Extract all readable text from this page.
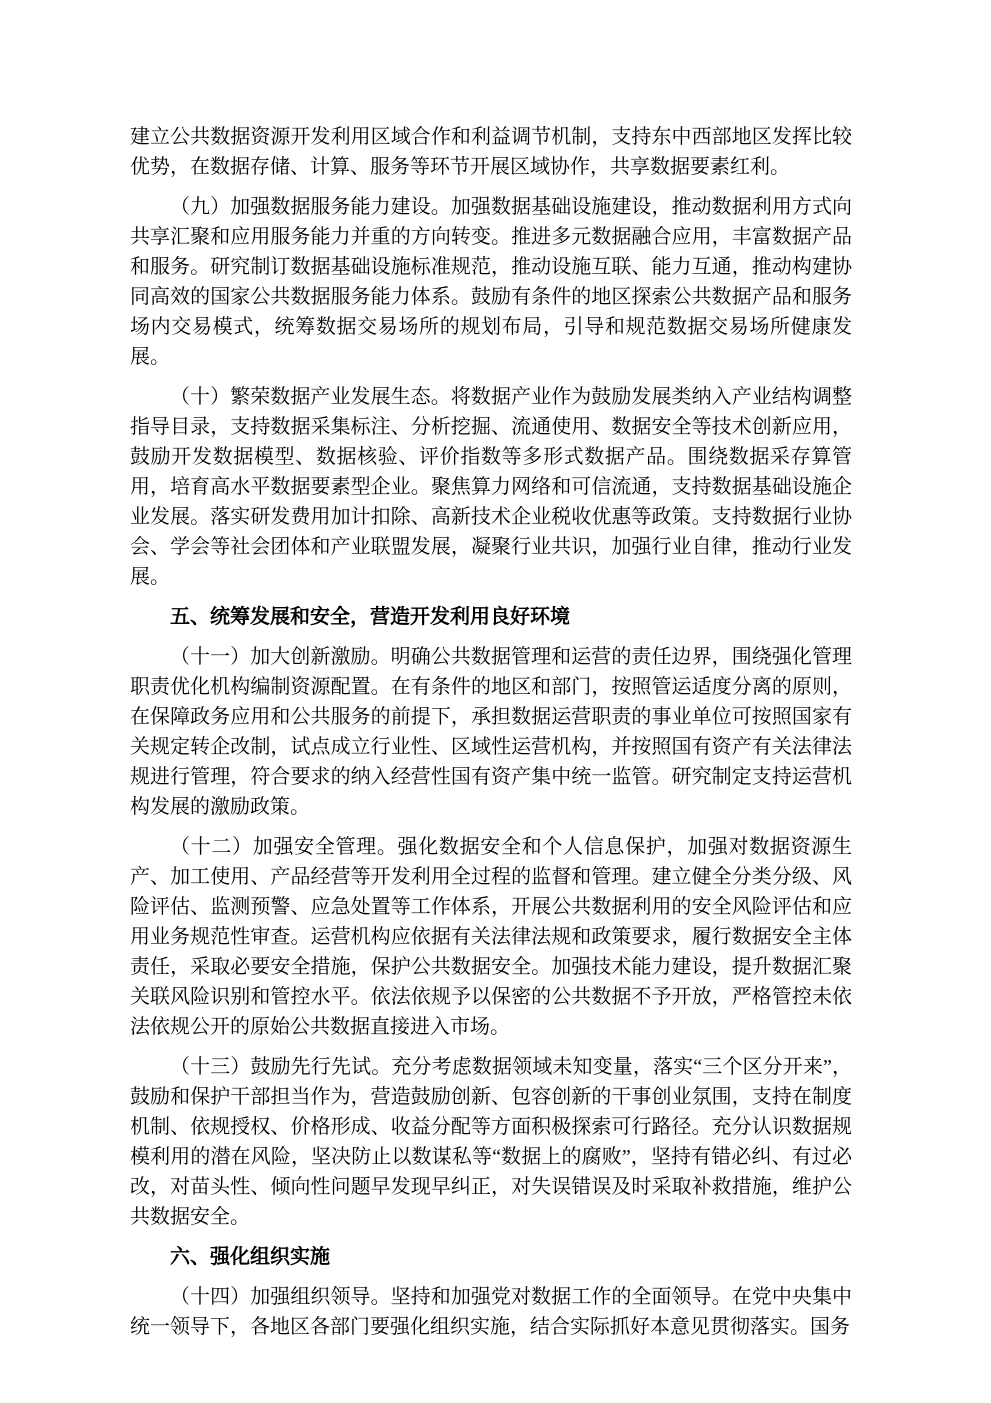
建立公共数据资源开发利用区域合作和利益调节机制，支持东中西部地区发挥比较优势，在数据存储、计算、服务等环节开展区域协作，共享数据要素红利。

（九）加强数据服务能力建设。加强数据基础设施建设，推动数据利用方式向共享汇聚和应用服务能力并重的方向转变。推进多元数据融合应用，丰富数据产品和服务。研究制订数据基础设施标准规范，推动设施互联、能力互通，推动构建协同高效的国家公共数据服务能力体系。鼓励有条件的地区探索公共数据产品和服务场内交易模式，统筹数据交易场所的规划布局，引导和规范数据交易场所健康发展。

（十）繁荣数据产业发展生态。将数据产业作为鼓励发展类纳入产业结构调整指导目录，支持数据采集标注、分析挖掘、流通使用、数据安全等技术创新应用，鼓励开发数据模型、数据核验、评价指数等多形式数据产品。围绕数据采存算管用，培育高水平数据要素型企业。聚焦算力网络和可信流通，支持数据基础设施企业发展。落实研发费用加计扣除、高新技术企业税收优惠等政策。支持数据行业协会、学会等社会团体和产业联盟发展，凝聚行业共识，加强行业自律，推动行业发展。

五、统筹发展和安全，营造开发利用良好环境

（十一）加大创新激励。明确公共数据管理和运营的责任边界，围绕强化管理职责优化机构编制资源配置。在有条件的地区和部门，按照管运适度分离的原则，在保障政务应用和公共服务的前提下，承担数据运营职责的事业单位可按照国家有关规定转企改制，试点成立行业性、区域性运营机构，并按照国有资产有关法律法规进行管理，符合要求的纳入经营性国有资产集中统一监管。研究制定支持运营机构发展的激励政策。

（十二）加强安全管理。强化数据安全和个人信息保护，加强对数据资源生产、加工使用、产品经营等开发利用全过程的监督和管理。建立健全分类分级、风险评估、监测预警、应急处置等工作体系，开展公共数据利用的安全风险评估和应用业务规范性审查。运营机构应依据有关法律法规和政策要求，履行数据安全主体责任，采取必要安全措施，保护公共数据安全。加强技术能力建设，提升数据汇聚关联风险识别和管控水平。依法依规予以保密的公共数据不予开放，严格管控未依法依规公开的原始公共数据直接进入市场。

（十三）鼓励先行先试。充分考虑数据领域未知变量，落实“三个区分开来”，鼓励和保护干部担当作为，营造鼓励创新、包容创新的干事创业氛围，支持在制度机制、依规授权、价格形成、收益分配等方面积极探索可行路径。充分认识数据规模利用的潜在风险，坚决防止以数谋私等“数据上的腐败”，坚持有错必纠、有过必改，对苗头性、倾向性问题早发现早纠正，对失误错误及时采取补救措施，维护公共数据安全。

六、强化组织实施

（十四）加强组织领导。坚持和加强党对数据工作的全面领导。在党中央集中统一领导下，各地区各部门要强化组织实施，结合实际抓好本意见贯彻落实。国务
